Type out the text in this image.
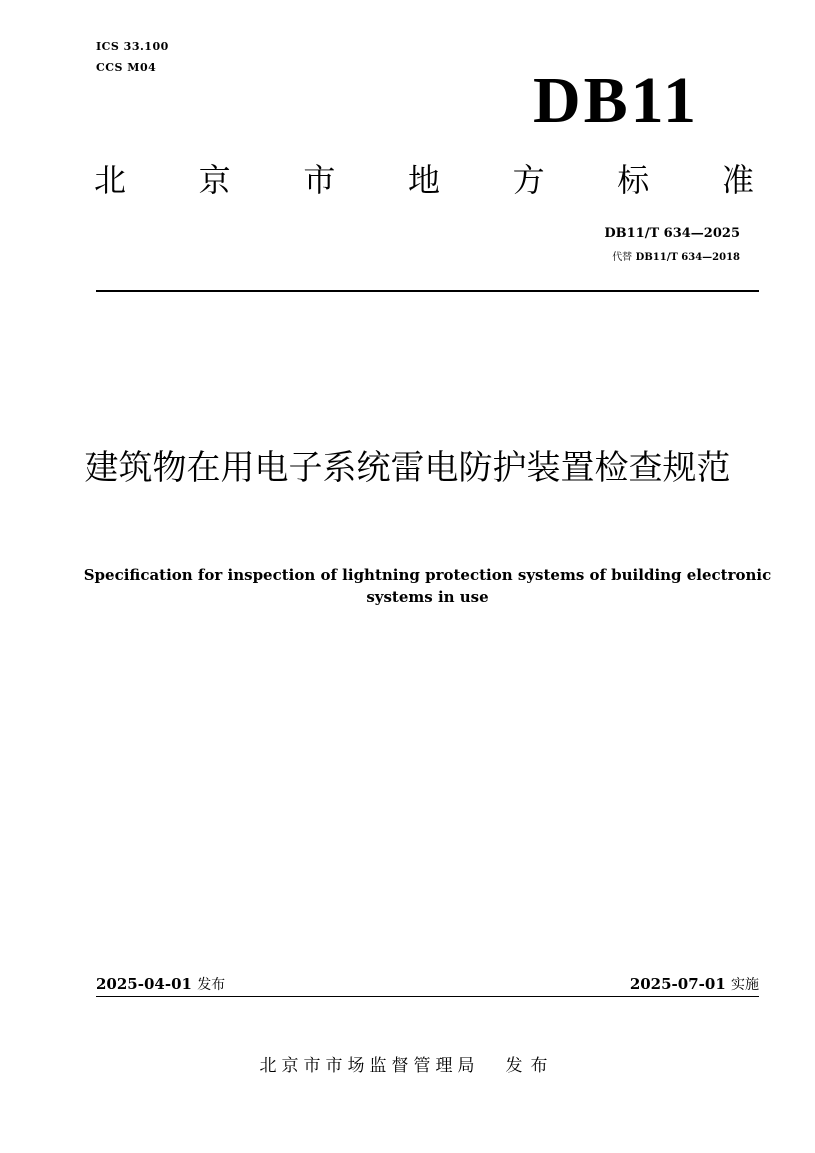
ICS 33.100
CCS M04	DB11
北 京 市 地 方 标 准
DB11/T 634—2025
代替 DB11/T 634—2018
建筑物在用电子系统雷电防护装置检查规范
Specification for inspection of lightning protection systems of building electronic systems in use
2025-04-01 发布	2025-07-01 实施
北京市市场监督管理局 发布
